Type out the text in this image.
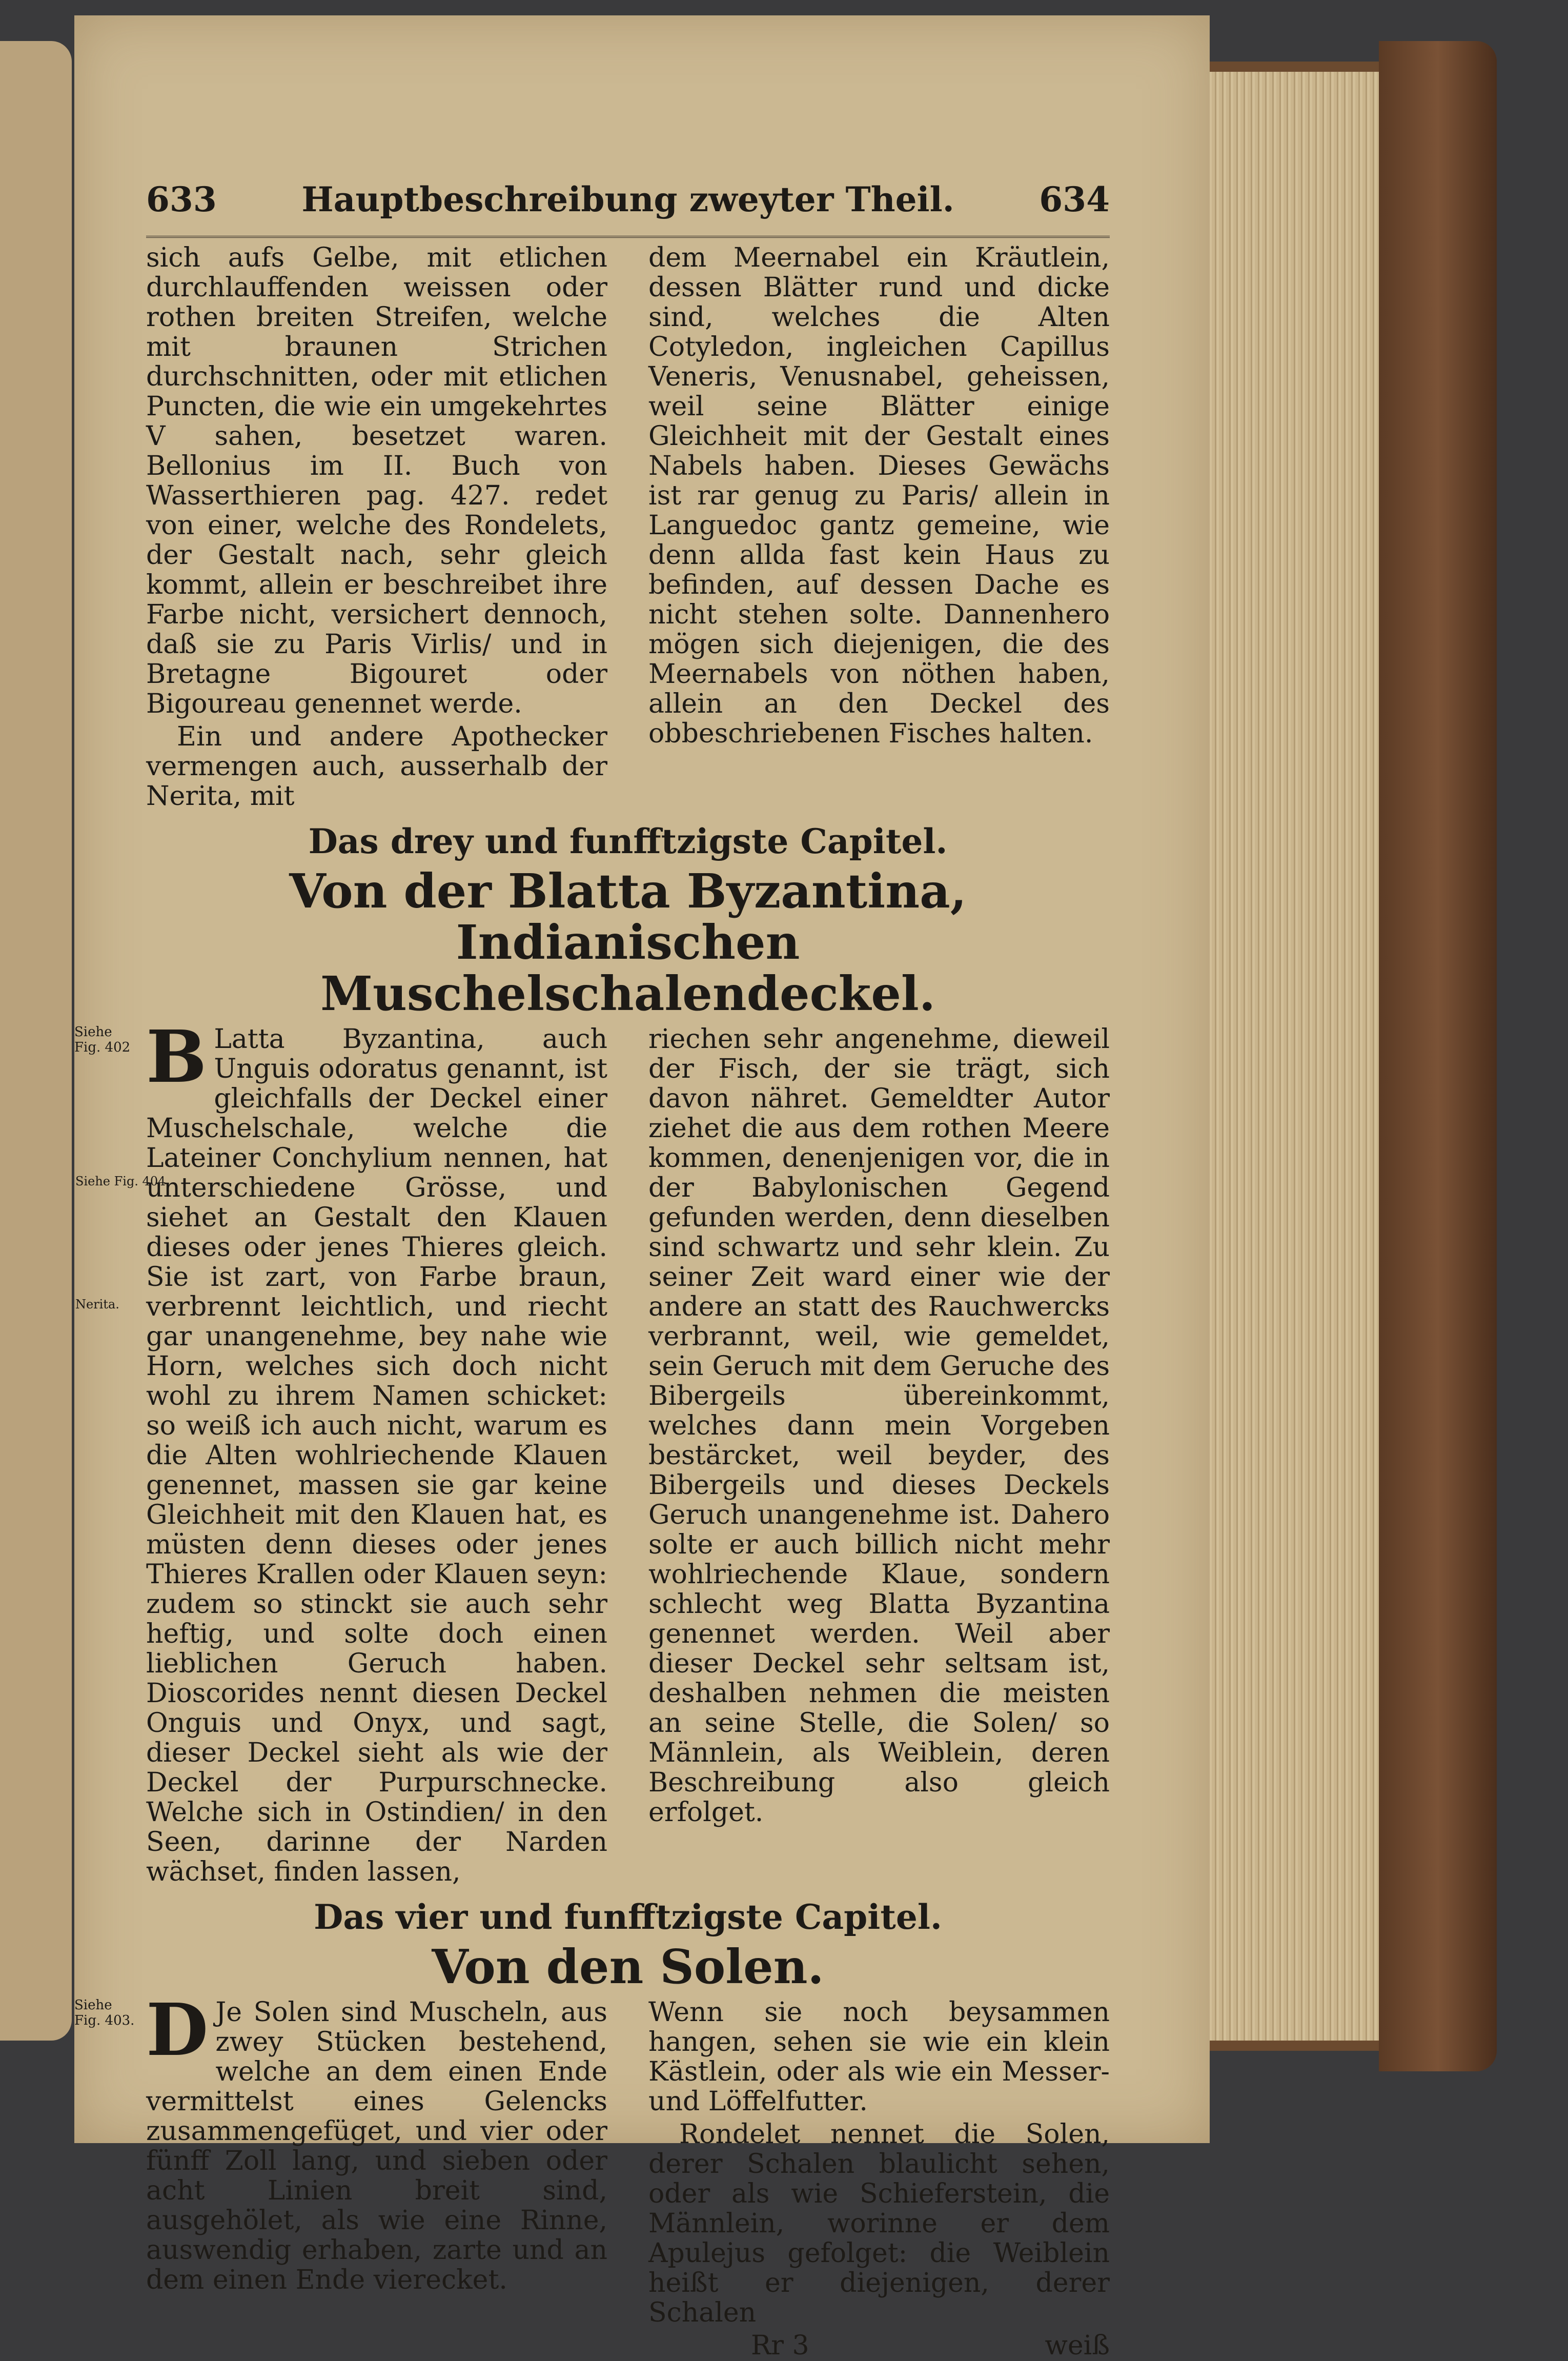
Siehe Fig. 404.
Nerita.
633	Hauptbeschreibung zweyter Theil.	634

sich aufs Gelbe, mit etlichen durchlauffenden weissen oder rothen breiten Streifen, welche mit braunen Strichen durchschnitten, oder mit etlichen Puncten, die wie ein umgekehrtes V sahen, besetzet waren. Bellonius im II. Buch von Wasserthieren pag. 427. redet von einer, welche des Rondelets, der Gestalt nach, sehr gleich kommt, allein er beschreibet ihre Farbe nicht, versichert dennoch, daß sie zu Paris Virlis/ und in Bretagne Bigouret oder Bigoureau genennet werde.

Ein und andere Apothecker vermengen auch, ausserhalb der Nerita, mit

dem Meernabel ein Kräutlein, dessen Blätter rund und dicke sind, welches die Alten Cotyledon, ingleichen Capillus Veneris, Venusnabel, geheissen, weil seine Blätter einige Gleichheit mit der Gestalt eines Nabels haben. Dieses Gewächs ist rar genug zu Paris/ allein in Languedoc gantz gemeine, wie denn allda fast kein Haus zu befinden, auf dessen Dache es nicht stehen solte. Dannenhero mögen sich diejenigen, die des Meernabels von nöthen haben, allein an den Deckel des obbeschriebenen Fisches halten.

Das drey und funfftzigste Capitel.
Von der Blatta Byzantina, Indianischen Muschelschalendeckel.
Siehe Fig. 402 B Latta Byzantina, auch Unguis odoratus genannt, ist gleichfalls der Deckel einer Muschelschale, welche die Lateiner Conchylium nennen, hat unterschiedene Grösse, und siehet an Gestalt den Klauen dieses oder jenes Thieres gleich. Sie ist zart, von Farbe braun, verbrennt leichtlich, und riecht gar unangenehme, bey nahe wie Horn, welches sich doch nicht wohl zu ihrem Namen schicket: so weiß ich auch nicht, warum es die Alten wohlriechende Klauen genennet, massen sie gar keine Gleichheit mit den Klauen hat, es müsten denn dieses oder jenes Thieres Krallen oder Klauen seyn: zudem so stinckt sie auch sehr heftig, und solte doch einen lieblichen Geruch haben. Dioscorides nennt diesen Deckel Onguis und Onyx, und sagt, dieser Deckel sieht als wie der Deckel der Purpurschnecke. Welche sich in Ostindien/ in den Seen, darinne der Narden wächset, finden lassen,

riechen sehr angenehme, dieweil der Fisch, der sie trägt, sich davon nähret. Gemeldter Autor ziehet die aus dem rothen Meere kommen, denenjenigen vor, die in der Babylonischen Gegend gefunden werden, denn dieselben sind schwartz und sehr klein. Zu seiner Zeit ward einer wie der andere an statt des Rauchwercks verbrannt, weil, wie gemeldet, sein Geruch mit dem Geruche des Bibergeils übereinkommt, welches dann mein Vorgeben bestärcket, weil beyder, des Bibergeils und dieses Deckels Geruch unangenehme ist. Dahero solte er auch billich nicht mehr wohlriechende Klaue, sondern schlecht weg Blatta Byzantina genennet werden. Weil aber dieser Deckel sehr seltsam ist, deshalben nehmen die meisten an seine Stelle, die Solen/ so Männlein, als Weiblein, deren Beschreibung also gleich erfolget.

Das vier und funfftzigste Capitel.
Von den Solen.
Siehe Fig. 403. D Je Solen sind Muscheln, aus zwey Stücken bestehend, welche an dem einen Ende vermittelst eines Gelencks zusammengefüget, und vier oder fünff Zoll lang, und sieben oder acht Linien breit sind, ausgehölet, als wie eine Rinne, auswendig erhaben, zarte und an dem einen Ende vierecket.

Wenn sie noch beysammen hangen, sehen sie wie ein klein Kästlein, oder als wie ein Messer- und Löffelfutter.

Rondelet nennet die Solen, derer Schalen blaulicht sehen, oder als wie Schieferstein, die Männlein, worinne er dem Apulejus gefolget: die Weiblein heißt er diejenigen, derer Schalen

Rr 3	weiß
